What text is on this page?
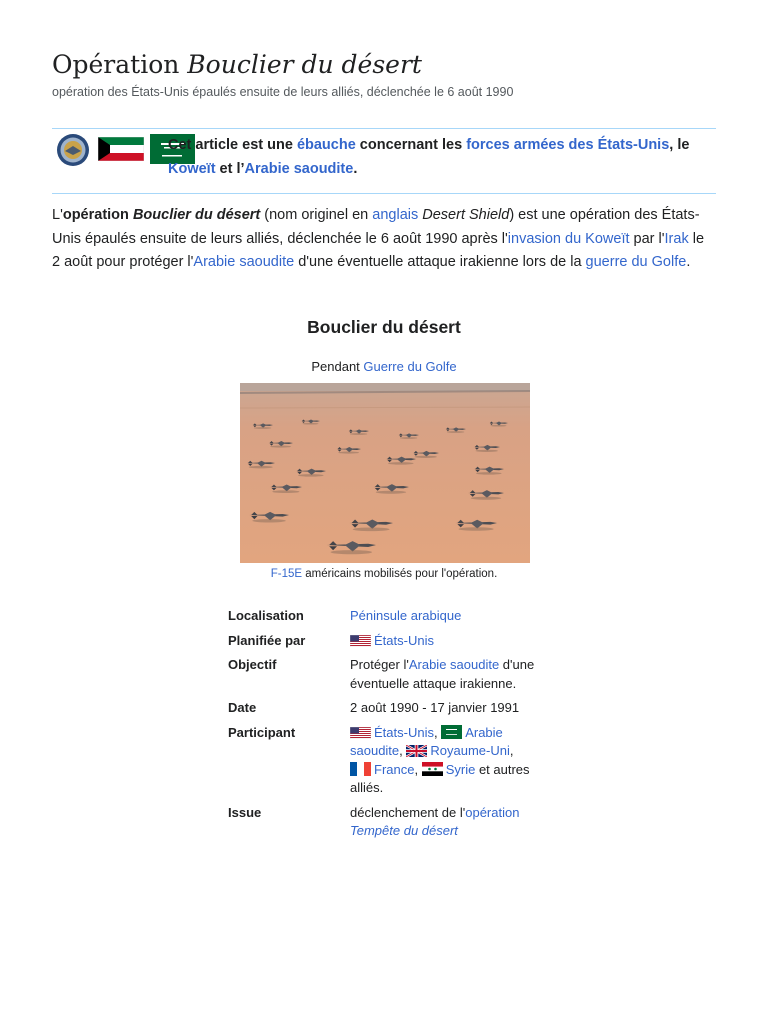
Opération Bouclier du désert
opération des États-Unis épaulés ensuite de leurs alliés, déclenchée le 6 août 1990
Cet article est une ébauche concernant les forces armées des États-Unis, le
Koweït et l’Arabie saoudite.
L'opération Bouclier du désert (nom originel en anglais Desert Shield) est une opération des États-Unis épaulés ensuite de leurs alliés, déclenchée le 6 août 1990 après l'invasion du Koweït par l'Irak le 2 août pour protéger l'Arabie saoudite d'une éventuelle attaque irakienne lors de la guerre du Golfe.
Bouclier du désert
Pendant Guerre du Golfe
F-15E américains mobilisés pour l'opération.
Localisation	Péninsule arabique
Planifiée par	États-Unis
Objectif	Protéger l'Arabie saoudite d'une éventuelle attaque irakienne.
Date	2 août 1990 - 17 janvier 1991
Participant	États-Unis,
Arabie saoudite,
Royaume-Uni,

France,
Syrie et autres alliés.
Issue	déclenchement de l'opération
Tempête du désert
